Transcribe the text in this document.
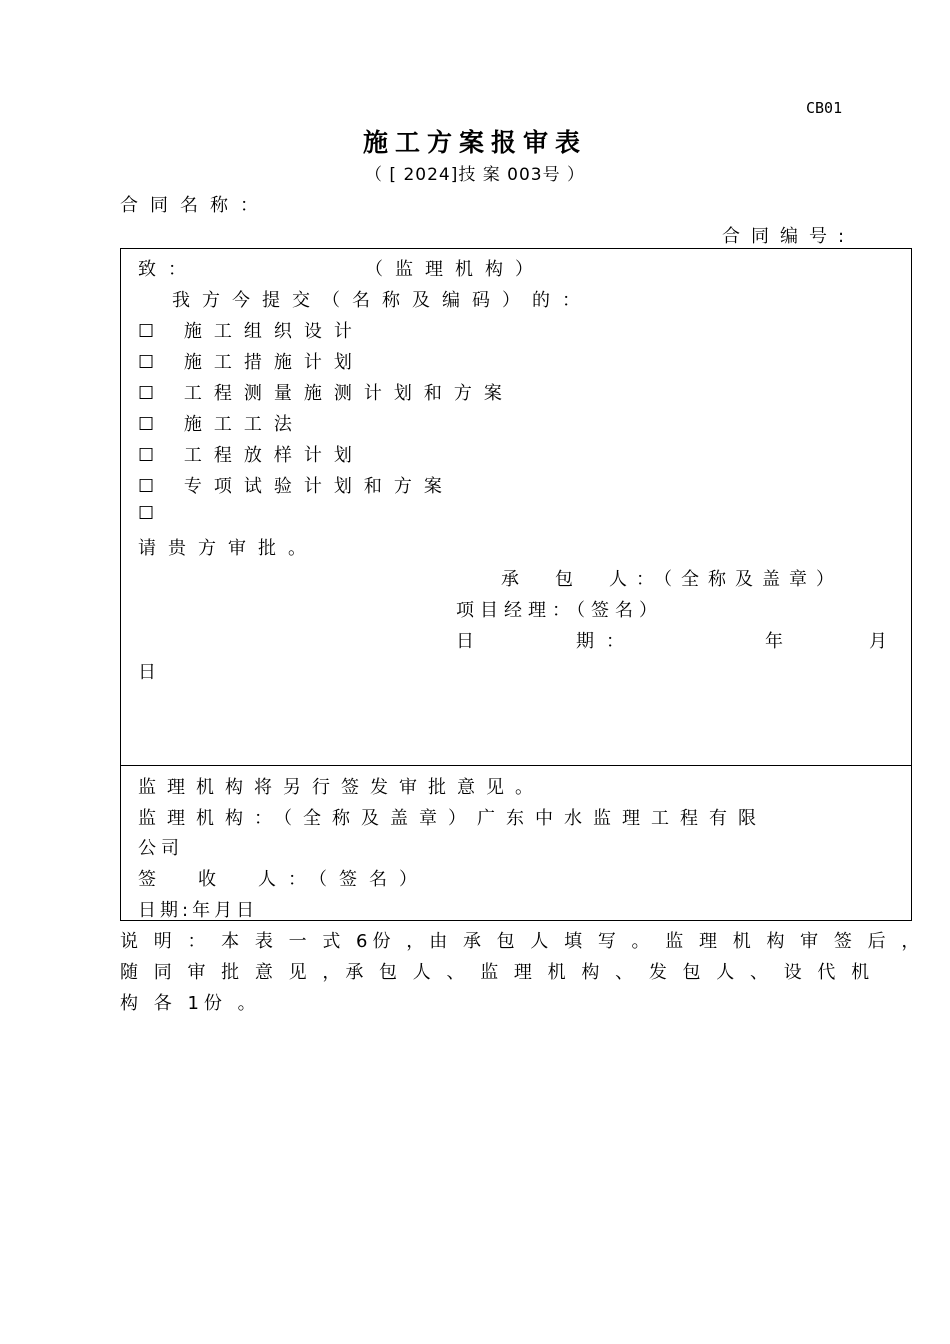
CB01
施工方案报审表
（ [ 2024]技 案 003号 ）
合同名称：
合同编号:
致：	（监理机构）
我方今提交（名称及编码）的：
☐ 施工组织设计
☐ 施工措施计划
☐ 工程测量施测计划和方案
☐ 施工工法
☐ 工程放样计划
☐ 专项试验计划和方案
☐
请贵方审批。
承　包　人：（全称及盖章）
项目经理：（签名）
日　　　期：	年	月
日
监理机构将另行签发审批意见。
监理机构：（全称及盖章）广东中水监理工程有限
公司
签　收　人：（签名）
日期:年月日
说 明 ： 本 表 一 式 6份 ，由 承 包 人 填 写 。 监 理 机 构 审 签 后 ，
随 同 审 批 意 见 ，承 包 人 、 监 理 机 构 、 发 包 人 、 设 代 机
构 各 1份 。
